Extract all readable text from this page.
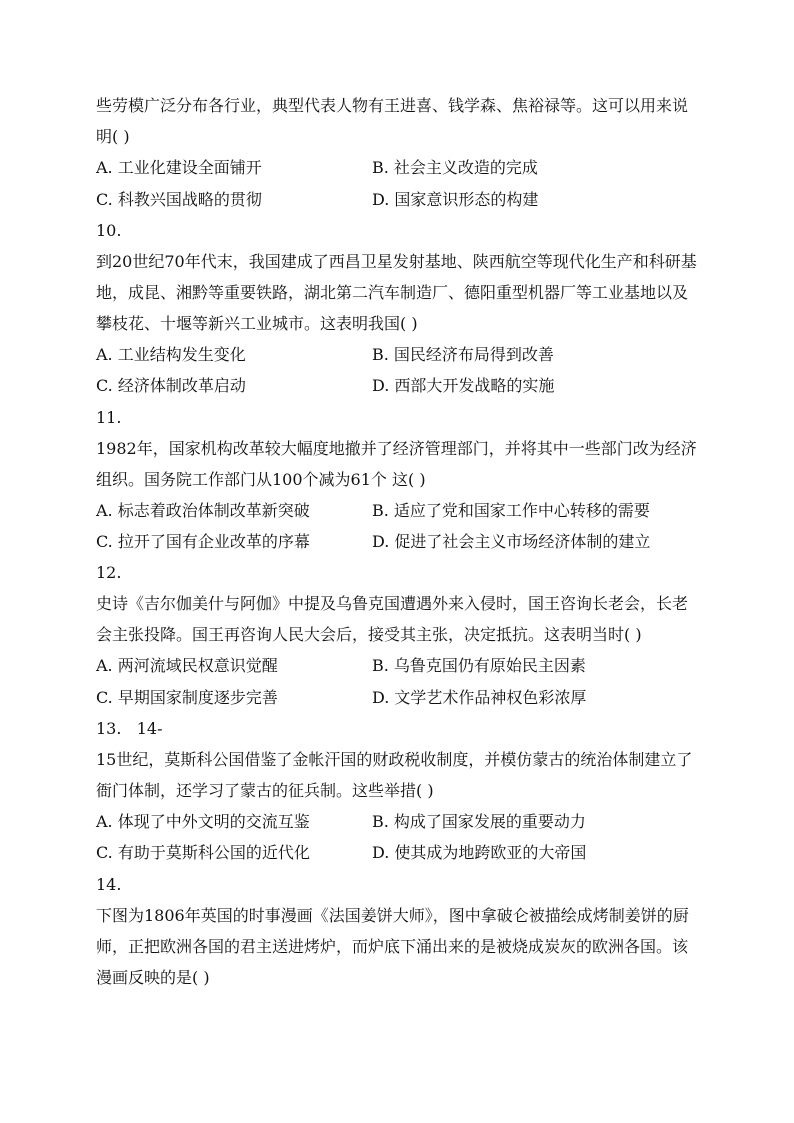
些劳模广泛分布各行业，典型代表人物有王进喜、钱学森、焦裕禄等。这可以用来说
明( )
A. 工业化建设全面铺开	B. 社会主义改造的完成
C. 科教兴国战略的贯彻	D. 国家意识形态的构建
10.
到20世纪70年代末，我国建成了西昌卫星发射基地、陕西航空等现代化生产和科研基
地，成昆、湘黔等重要铁路，湖北第二汽车制造厂、德阳重型机器厂等工业基地以及
攀枝花、十堰等新兴工业城市。这表明我国( )
A. 工业结构发生变化	B. 国民经济布局得到改善
C. 经济体制改革启动	D. 西部大开发战略的实施
11.
1982年，国家机构改革较大幅度地撤并了经济管理部门，并将其中一些部门改为经济
组织。国务院工作部门从100个减为61个 这( )
A. 标志着政治体制改革新突破	B. 适应了党和国家工作中心转移的需要
C. 拉开了国有企业改革的序幕	D. 促进了社会主义市场经济体制的建立
12.
史诗《吉尔伽美什与阿伽》中提及乌鲁克国遭遇外来入侵时，国王咨询长老会，长老
会主张投降。国王再咨询人民大会后，接受其主张，决定抵抗。这表明当时( )
A. 两河流域民权意识觉醒	B. 乌鲁克国仍有原始民主因素
C. 早期国家制度逐步完善	D. 文学艺术作品神权色彩浓厚
13.   14-
15世纪，莫斯科公国借鉴了金帐汗国的财政税收制度，并模仿蒙古的统治体制建立了
衙门体制，还学习了蒙古的征兵制。这些举措( )
A. 体现了中外文明的交流互鉴	B. 构成了国家发展的重要动力
C. 有助于莫斯科公国的近代化	D. 使其成为地跨欧亚的大帝国
14.
下图为1806年英国的时事漫画《法国姜饼大师》，图中拿破仑被描绘成烤制姜饼的厨
师，正把欧洲各国的君主送进烤炉，而炉底下涌出来的是被烧成炭灰的欧洲各国。该
漫画反映的是( )
